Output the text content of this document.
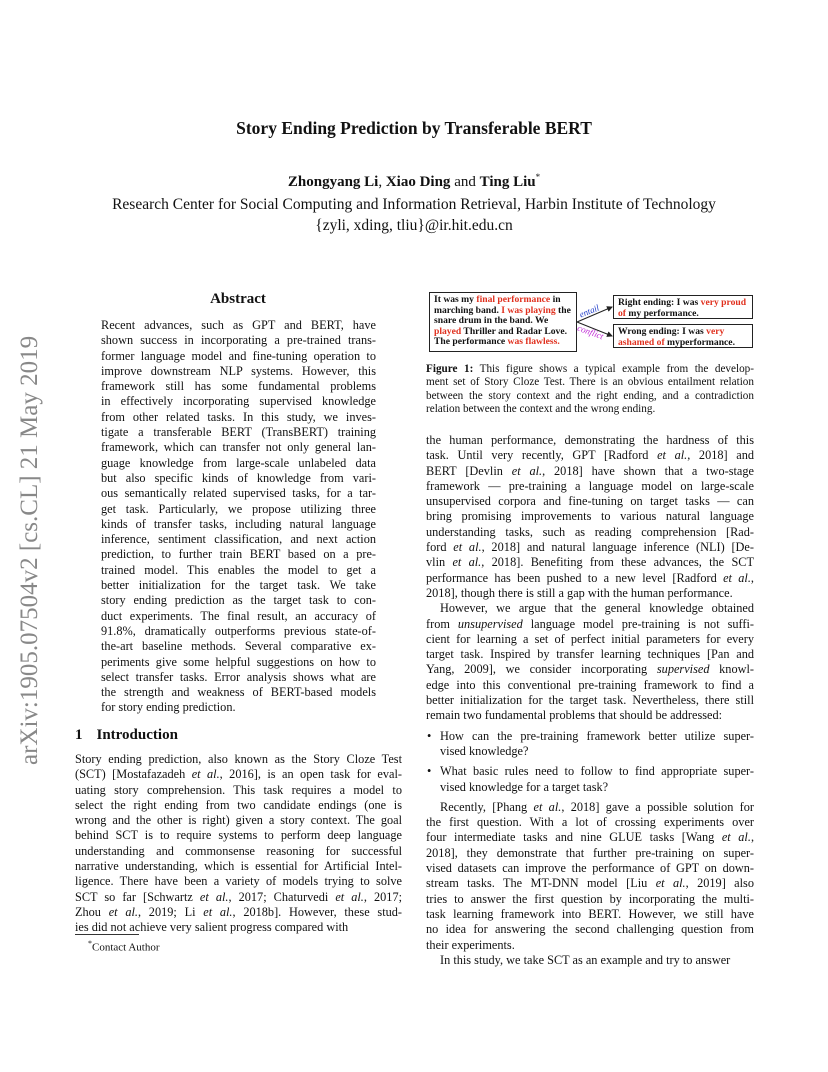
Story Ending Prediction by Transferable BERT
Zhongyang Li, Xiao Ding and Ting Liu*
Research Center for Social Computing and Information Retrieval, Harbin Institute of Technology
{zyli, xding, tliu}@ir.hit.edu.cn
arXiv:1905.07504v2 [cs.CL] 21 May 2019
Abstract
Recent advances, such as GPT and BERT, have
shown success in incorporating a pre-trained trans-
former language model and fine-tuning operation to
improve downstream NLP systems. However, this
framework still has some fundamental problems
in effectively incorporating supervised knowledge
from other related tasks. In this study, we inves-
tigate a transferable BERT (TransBERT) training
framework, which can transfer not only general lan-
guage knowledge from large-scale unlabeled data
but also specific kinds of knowledge from vari-
ous semantically related supervised tasks, for a tar-
get task. Particularly, we propose utilizing three
kinds of transfer tasks, including natural language
inference, sentiment classification, and next action
prediction, to further train BERT based on a pre-
trained model. This enables the model to get a
better initialization for the target task. We take
story ending prediction as the target task to con-
duct experiments. The final result, an accuracy of
91.8%, dramatically outperforms previous state-of-
the-art baseline methods. Several comparative ex-
periments give some helpful suggestions on how to
select transfer tasks. Error analysis shows what are
the strength and weakness of BERT-based models
for story ending prediction.
1 Introduction
Story ending prediction, also known as the Story Cloze Test
(SCT) [Mostafazadeh et al., 2016], is an open task for eval-
uating story comprehension. This task requires a model to
select the right ending from two candidate endings (one is
wrong and the other is right) given a story context. The goal
behind SCT is to require systems to perform deep language
understanding and commonsense reasoning for successful
narrative understanding, which is essential for Artificial Intel-
ligence. There have been a variety of models trying to solve
SCT so far [Schwartz et al., 2017; Chaturvedi et al., 2017;
Zhou et al., 2019; Li et al., 2018b]. However, these stud-
ies did not achieve very salient progress compared with
*Contact Author
It was my final performance in marching band. I was playing the snare drum in the band. We played Thriller and Radar Love. The performance was flawless.
Right ending: I was very proud of my performance.
Wrong ending: I was very ashamed of myperformance.
entail
conflict
Figure 1: This figure shows a typical example from the develop-
ment set of Story Cloze Test. There is an obvious entailment relation
between the story context and the right ending, and a contradiction
relation between the context and the wrong ending.
the human performance, demonstrating the hardness of this
task. Until very recently, GPT [Radford et al., 2018] and
BERT [Devlin et al., 2018] have shown that a two-stage
framework — pre-training a language model on large-scale
unsupervised corpora and fine-tuning on target tasks — can
bring promising improvements to various natural language
understanding tasks, such as reading comprehension [Rad-
ford et al., 2018] and natural language inference (NLI) [De-
vlin et al., 2018]. Benefiting from these advances, the SCT
performance has been pushed to a new level [Radford et al.,
2018], though there is still a gap with the human performance.
However, we argue that the general knowledge obtained
from unsupervised language model pre-training is not suffi-
cient for learning a set of perfect initial parameters for every
target task. Inspired by transfer learning techniques [Pan and
Yang, 2009], we consider incorporating supervised knowl-
edge into this conventional pre-training framework to find a
better initialization for the target task. Nevertheless, there still
remain two fundamental problems that should be addressed:
• How can the pre-training framework better utilize super-
vised knowledge?
• What basic rules need to follow to find appropriate super-
vised knowledge for a target task?
Recently, [Phang et al., 2018] gave a possible solution for
the first question. With a lot of crossing experiments over
four intermediate tasks and nine GLUE tasks [Wang et al.,
2018], they demonstrate that further pre-training on super-
vised datasets can improve the performance of GPT on down-
stream tasks. The MT-DNN model [Liu et al., 2019] also
tries to answer the first question by incorporating the multi-
task learning framework into BERT. However, we still have
no idea for answering the second challenging question from
their experiments.
In this study, we take SCT as an example and try to answer
